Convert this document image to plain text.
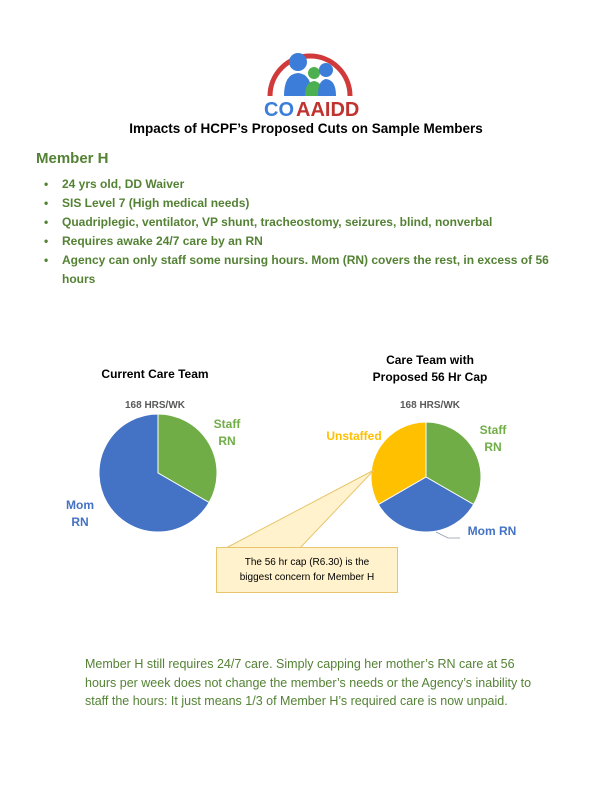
CO AAIDD
Impacts of HCPF’s Proposed Cuts on Sample Members
Member H
• 24 yrs old, DD Waiver
• SIS Level 7 (High medical needs)
• Quadriplegic, ventilator, VP shunt, tracheostomy, seizures, blind, nonverbal
• Requires awake 24/7 care by an RN
• Agency can only staff some nursing hours. Mom (RN) covers the rest, in excess of 56 hours
Current Care Team
168 HRS/WK
Staff
RN
Mom
RN
Care Team with
Proposed 56 Hr Cap
168 HRS/WK
Staff
RN
Unstaffed
Mom RN
The 56 hr cap (R6.30) is the
biggest concern for Member H
Member H still requires 24/7 care. Simply capping her mother’s RN care at 56 hours per week does not change the member’s needs or the Agency’s inability to staff the hours: It just means 1/3 of Member H’s required care is now unpaid.
